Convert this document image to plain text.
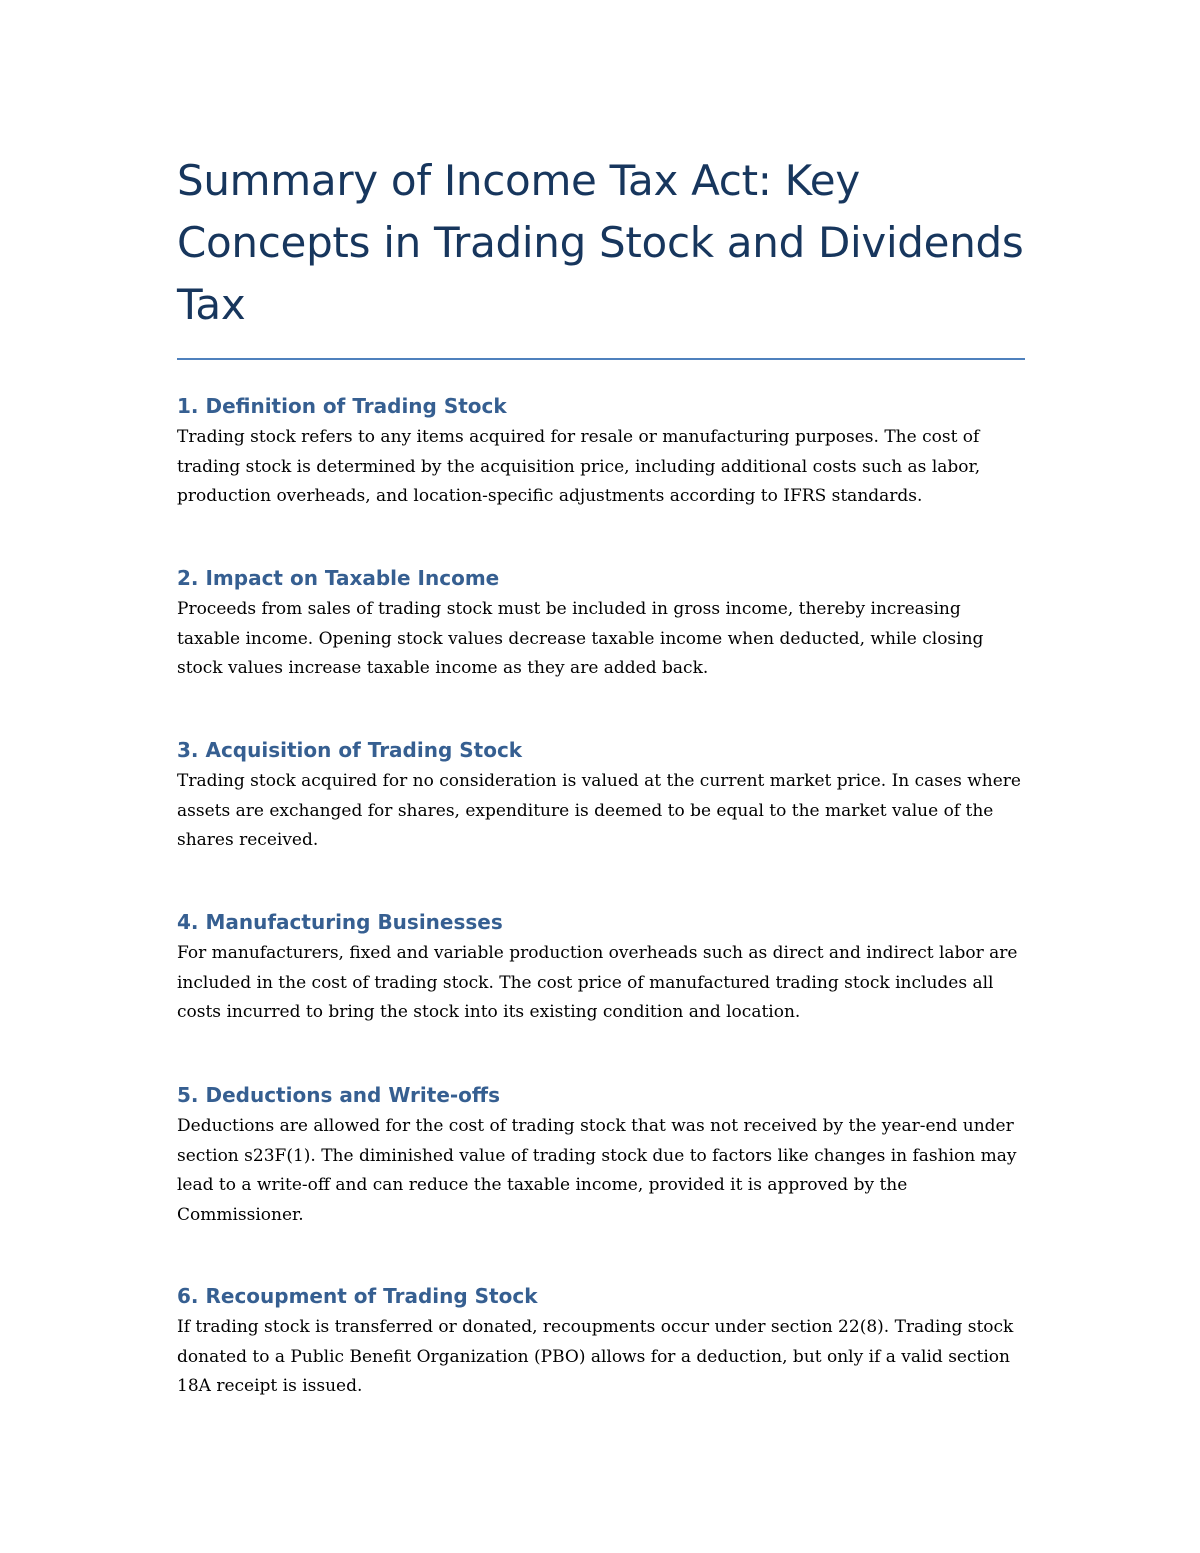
Summary of Income Tax Act: Key Concepts in Trading Stock and Dividends Tax
1. Definition of Trading Stock

Trading stock refers to any items acquired for resale or manufacturing purposes. The cost of trading stock is determined by the acquisition price, including additional costs such as labor, production overheads, and location-specific adjustments according to IFRS standards.

2. Impact on Taxable Income

Proceeds from sales of trading stock must be included in gross income, thereby increasing taxable income. Opening stock values decrease taxable income when deducted, while closing stock values increase taxable income as they are added back.

3. Acquisition of Trading Stock

Trading stock acquired for no consideration is valued at the current market price. In cases where assets are exchanged for shares, expenditure is deemed to be equal to the market value of the shares received.

4. Manufacturing Businesses

For manufacturers, fixed and variable production overheads such as direct and indirect labor are included in the cost of trading stock. The cost price of manufactured trading stock includes all costs incurred to bring the stock into its existing condition and location.

5. Deductions and Write-offs

Deductions are allowed for the cost of trading stock that was not received by the year-end under section s23F(1). The diminished value of trading stock due to factors like changes in fashion may lead to a write-off and can reduce the taxable income, provided it is approved by the Commissioner.

6. Recoupment of Trading Stock

If trading stock is transferred or donated, recoupments occur under section 22(8). Trading stock donated to a Public Benefit Organization (PBO) allows for a deduction, but only if a valid section 18A receipt is issued.
